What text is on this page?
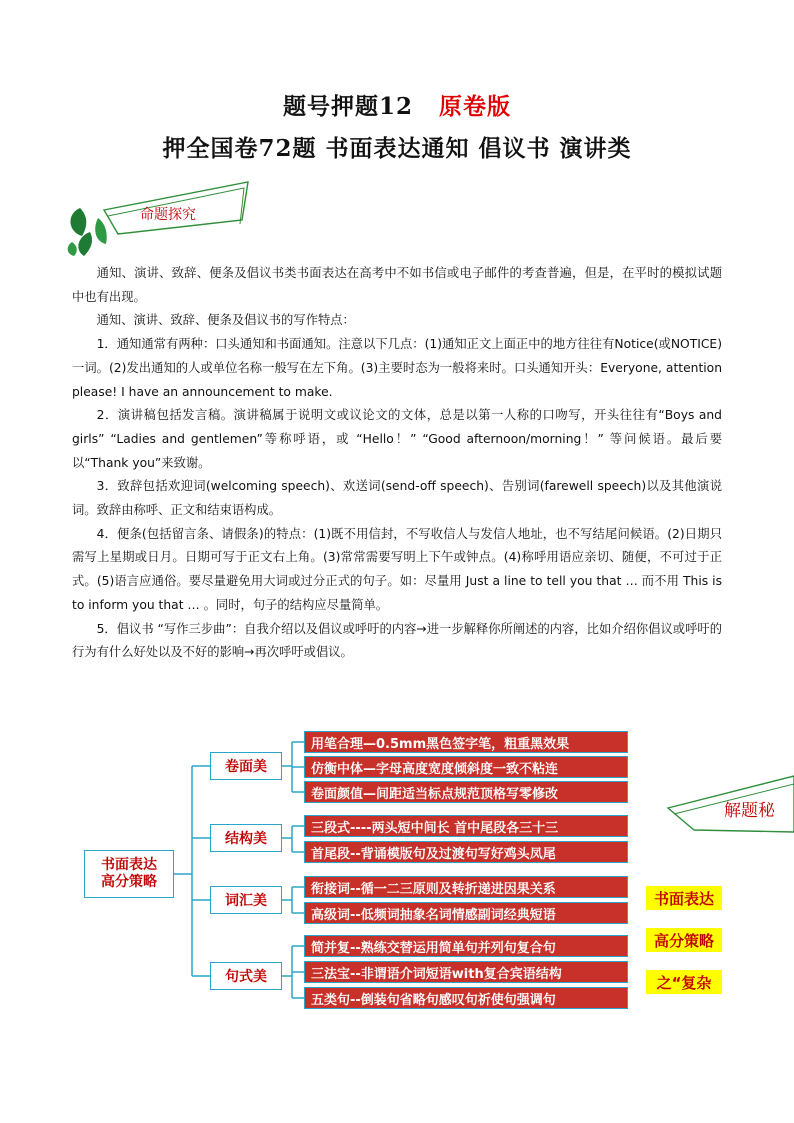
题号押题12 原卷版
押全国卷72题 书面表达通知 倡议书 演讲类
命题探究

通知、演讲、致辞、便条及倡议书类书面表达在高考中不如书信或电子邮件的考查普遍，但是，在平时的模拟试题中也有出现。

通知、演讲、致辞、便条及倡议书的写作特点：

1．通知通常有两种：口头通知和书面通知。注意以下几点：(1)通知正文上面正中的地方往往有Notice(或NOTICE)一词。(2)发出通知的人或单位名称一般写在左下角。(3)主要时态为一般将来时。口头通知开头：Everyone, attention please! I have an announcement to make.

2．演讲稿包括发言稿。演讲稿属于说明文或议论文的文体，总是以第一人称的口吻写，开头往往有“Boys and girls” “Ladies and gentlemen”等称呼语，或 “Hello！” “Good afternoon/morning！” 等问候语。最后要以“Thank you”来致谢。

3．致辞包括欢迎词(welcoming speech)、欢送词(send-off speech)、告别词(farewell speech)以及其他演说词。致辞由称呼、正文和结束语构成。

4．便条(包括留言条、请假条)的特点：(1)既不用信封，不写收信人与发信人地址，也不写结尾问候语。(2)日期只需写上星期或日月。日期可写于正文右上角。(3)常常需要写明上下午或钟点。(4)称呼用语应亲切、随便，不可过于正式。(5)语言应通俗。要尽量避免用大词或过分正式的句子。如：尽量用 Just a line to tell you that … 而不用 This is to inform you that … 。同时，句子的结构应尽量简单。

5．倡议书 “写作三步曲”：自我介绍以及倡议或呼吁的内容→进一步解释你所阐述的内容，比如介绍你倡议或呼吁的行为有什么好处以及不好的影响→再次呼吁或倡议。

书面表达
高分策略
卷面美
结构美
词汇美
句式美
用笔合理—0.5mm黑色签字笔，粗重黑效果
仿衡中体—字母高度宽度倾斜度一致不粘连
卷面颜值—间距适当标点规范顶格写零修改
三段式----两头短中间长 首中尾段各三十三
首尾段--背诵模版句及过渡句写好鸡头凤尾
衔接词--循一二三原则及转折递进因果关系
高级词--低频词抽象名词情感副词经典短语
简并复--熟练交替运用简单句并列句复合句
三法宝--非谓语介词短语with复合宾语结构
五类句--倒装句省略句感叹句祈使句强调句
解题秘
书面表达
高分策略
之“复杂
